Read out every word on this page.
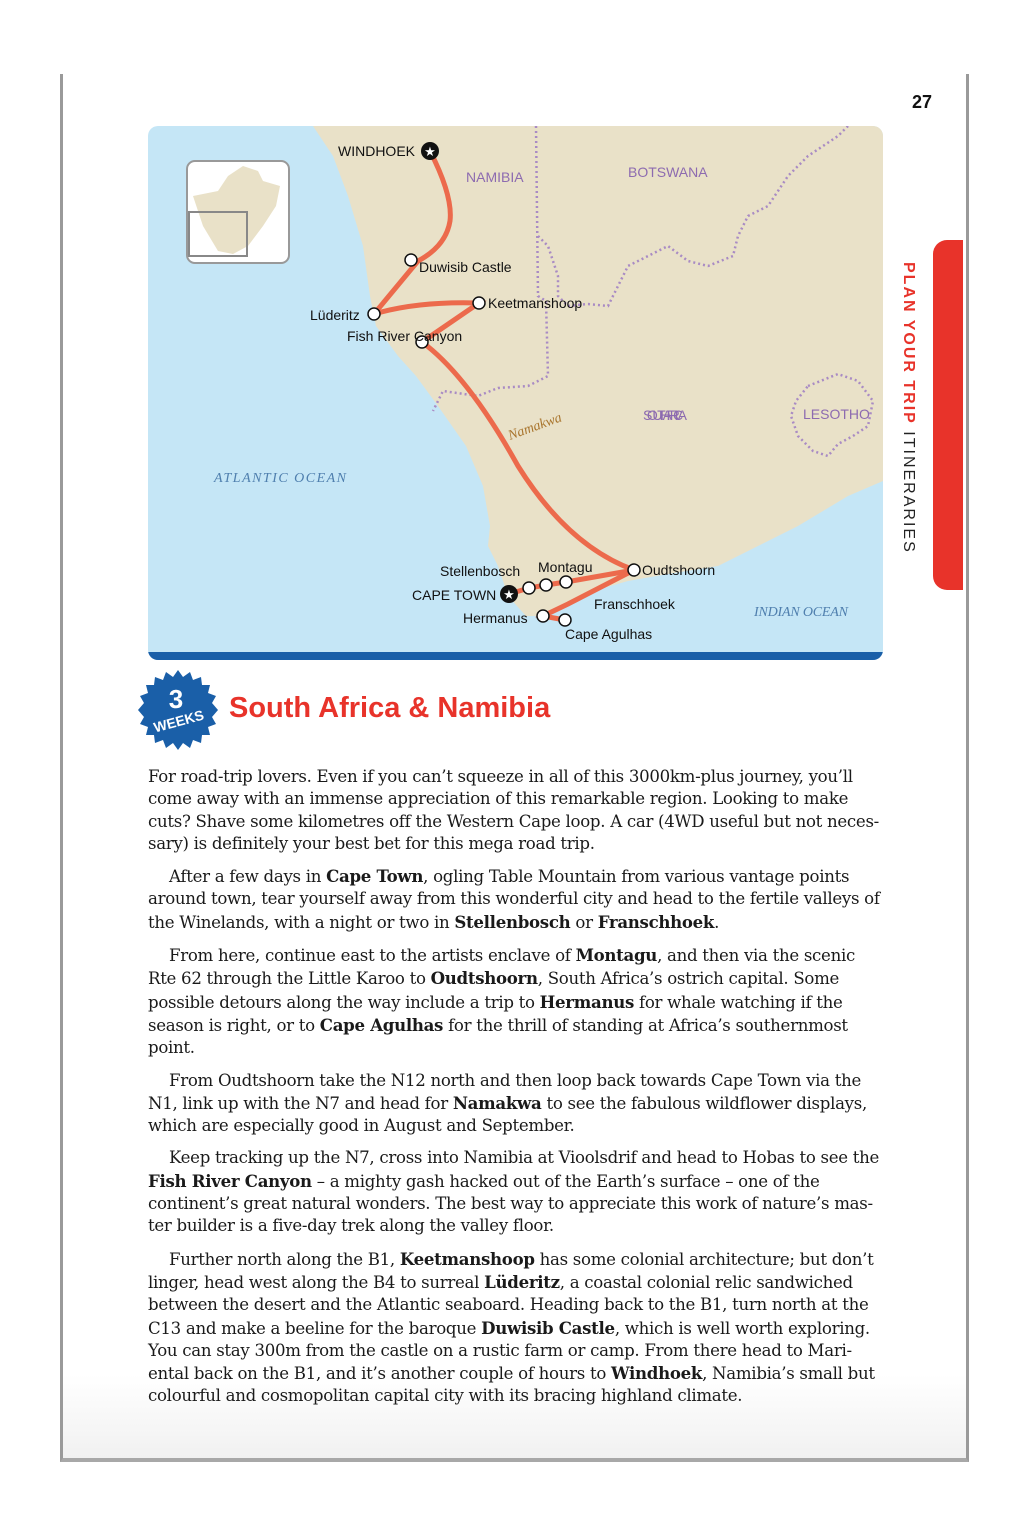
27
PLAN YOUR TRIP ITINERARIES
★
★
WINDHOEK
Duwisib Castle
Lüderitz
Keetmanshoop
Fish River Canyon
Stellenbosch Montagu	Oudtshoorn
Franschhoek
Hermanus
Cape Agulhas
CAPE TOWN
NAMIBIA	BOTSWANA
SOUTH AFRICA	LESOTHO
Namakwa
ATLANTIC OCEAN
INDIAN OCEAN
3
WEEKS South Africa & Namibia

For road-trip lovers. Even if you can’t squeeze in all of this 3000km-plus journey, you’ll come away with an immense appreciation of this remarkable region. Looking to make cuts? Shave some kilometres off the Western Cape loop. A car (4WD useful but not necessary) is definitely your best bet for this mega road trip.

After a few days in Cape Town, ogling Table Mountain from various vantage points around town, tear yourself away from this wonderful city and head to the fertile valleys of the Winelands, with a night or two in Stellenbosch or Franschhoek.

From here, continue east to the artists enclave of Montagu, and then via the scenic Rte 62 through the Little Karoo to Oudtshoorn, South Africa’s ostrich capital. Some possible detours along the way include a trip to Hermanus for whale watching if the season is right, or to Cape Agulhas for the thrill of standing at Africa’s southernmost point.

From Oudtshoorn take the N12 north and then loop back towards Cape Town via the N1, link up with the N7 and head for Namakwa to see the fabulous wildflower displays, which are especially good in August and September.

Keep tracking up the N7, cross into Namibia at Vioolsdrif and head to Hobas to see the Fish River Canyon – a mighty gash hacked out of the Earth’s surface – one of the continent’s great natural wonders. The best way to appreciate this work of nature’s master builder is a five-day trek along the valley floor.

Further north along the B1, Keetmanshoop has some colonial architecture; but don’t linger, head west along the B4 to surreal Lüderitz, a coastal colonial relic sandwiched between the desert and the Atlantic seaboard. Heading back to the B1, turn north at the C13 and make a beeline for the baroque Duwisib Castle, which is well worth exploring. You can stay 300m from the castle on a rustic farm or camp. From there head to Mariental back on the B1, and it’s another couple of hours to Windhoek, Namibia’s small but colourful and cosmopolitan capital city with its bracing highland climate.
